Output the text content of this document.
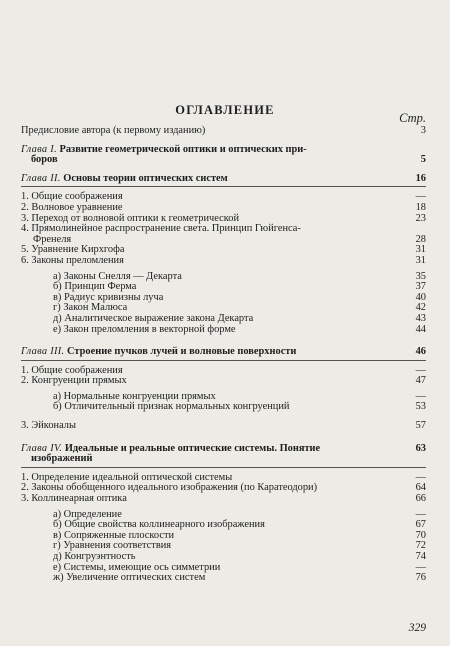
ОГЛАВЛЕНИЕ
Стр.
Предисловие автора (к первому изданию)	3
Глава I. Развитие геометрической оптики и оптических при-
боров	5
Глава II. Основы теории оптических систем	16
1. Общие соображения	—
2. Волновое уравнение	18
3. Переход от волновой оптики к геометрической	23
4. Прямолинейное распространение света. Принцип Гюйгенса-
Френеля	28
5. Уравнение Кирхгофа	31
6. Законы преломления	31
а) Законы Снелля — Декарта	35
б) Принцип Ферма	37
в) Радиус кривизны луча	40
г) Закон Малюса	42
д) Аналитическое выражение закона Декарта	43
е) Закон преломления в векторной форме	44
Глава III. Строение пучков лучей и волновые поверхности	46
1. Общие соображения	—
2. Конгруенции прямых	47
а) Нормальные конгруенции прямых	—
б) Отличительный признак нормальных конгруенций	53
3. Эйконалы	57
Глава IV. Идеальные и реальные оптические системы. Понятие	63

изображений
1. Определение идеальной оптической системы	—
2. Законы обобщенного идеального изображения (по Каратеодори)	64
3. Коллинеарная оптика	66
а) Определение	—
б) Общие свойства коллинеарного изображения	67
в) Сопряженные плоскости	70
г) Уравнения соответствия	72
д) Конгруэнтность	74
е) Системы, имеющие ось симметрии	—
ж) Увеличение оптических систем	76
329
